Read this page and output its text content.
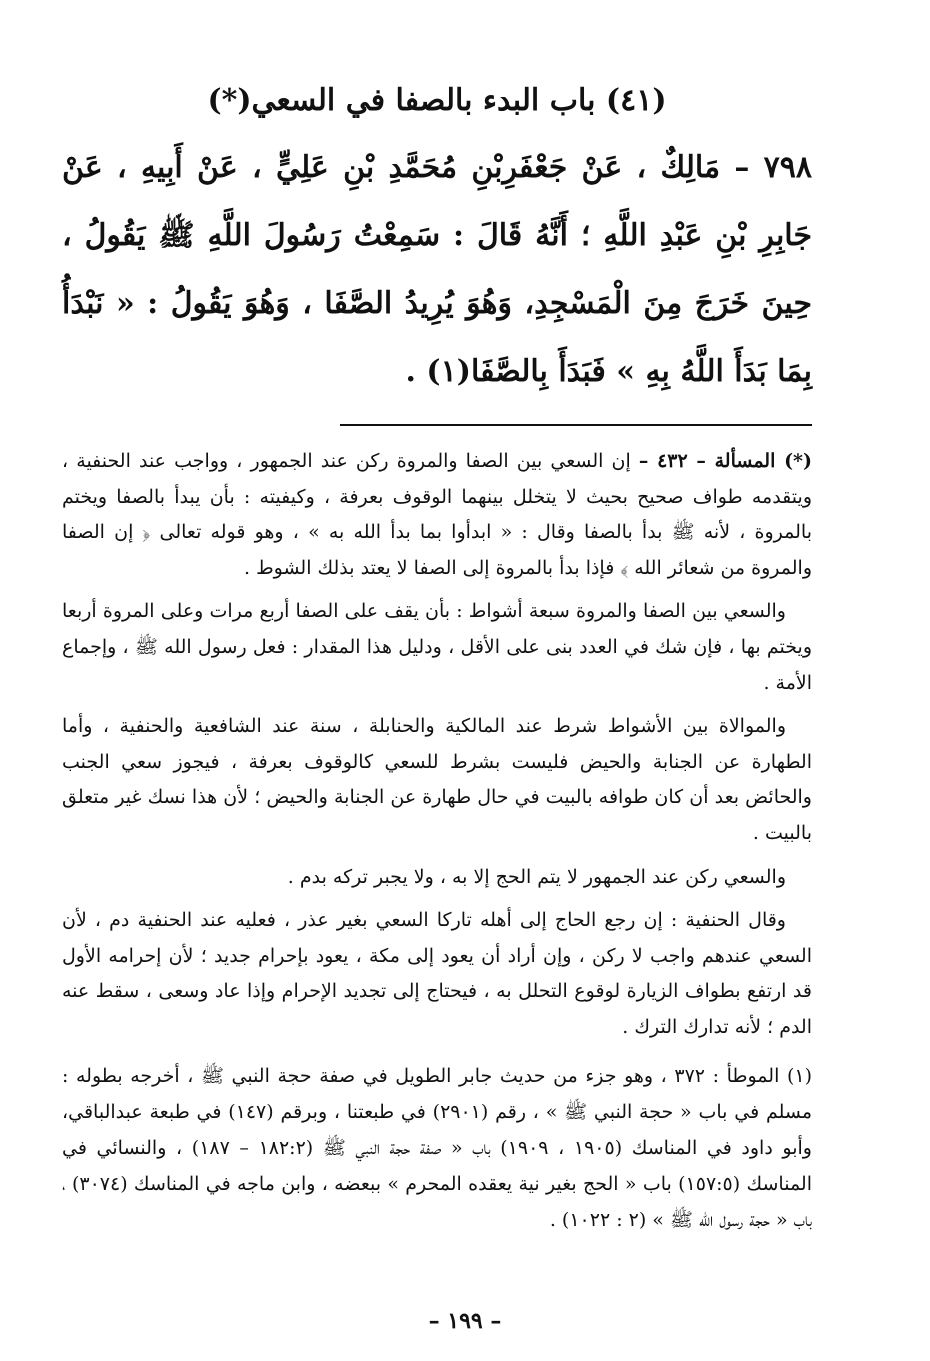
(٤١) باب البدء بالصفا في السعي(*)

٧٩٨ – مَالِكٌ ، عَنْ جَعْفَرِبْنِ مُحَمَّدِ بْنِ عَلِيٍّ ، عَنْ أَبِيهِ ، عَنْ جَابِرِ بْنِ عَبْدِ اللَّهِ ؛ أَنَّهُ قَالَ : سَمِعْتُ رَسُولَ اللَّهِ ﷺ يَقُولُ ، حِينَ خَرَجَ مِنَ الْمَسْجِدِ، وَهُوَ يُرِيدُ الصَّفَا ، وَهُوَ يَقُولُ : « نَبْدَأُ بِمَا بَدَأَ اللَّهُ بِهِ » فَبَدَأَ بِالصَّفَا(١) .

(*) المسألة – ٤٣٢ – إن السعي بين الصفا والمروة ركن عند الجمهور ، وواجب عند الحنفية ، ويتقدمه طواف صحيح بحيث لا يتخلل بينهما الوقوف بعرفة ، وكيفيته : بأن يبدأ بالصفا ويختم بالمروة ، لأنه ﷺ بدأ بالصفا وقال : « ابدأوا بما بدأ الله به » ، وهو قوله تعالى ﴿ إن الصفا والمروة من شعائر الله ﴾ فإذا بدأ بالمروة إلى الصفا لا يعتد بذلك الشوط .

والسعي بين الصفا والمروة سبعة أشواط : بأن يقف على الصفا أربع مرات وعلى المروة أربعا ويختم بها ، فإن شك في العدد بنى على الأقل ، ودليل هذا المقدار : فعل رسول الله ﷺ ، وإجماع الأمة .

والموالاة بين الأشواط شرط عند المالكية والحنابلة ، سنة عند الشافعية والحنفية ، وأما الطهارة عن الجنابة والحيض فليست بشرط للسعي كالوقوف بعرفة ، فيجوز سعي الجنب والحائض بعد أن كان طوافه بالبيت في حال طهارة عن الجنابة والحيض ؛ لأن هذا نسك غير متعلق بالبيت .

والسعي ركن عند الجمهور لا يتم الحج إلا به ، ولا يجبر تركه بدم .

وقال الحنفية : إن رجع الحاج إلى أهله تاركا السعي بغير عذر ، فعليه عند الحنفية دم ، لأن السعي عندهم واجب لا ركن ، وإن أراد أن يعود إلى مكة ، يعود بإحرام جديد ؛ لأن إحرامه الأول قد ارتفع بطواف الزيارة لوقوع التحلل به ، فيحتاج إلى تجديد الإحرام وإذا عاد وسعى ، سقط عنه الدم ؛ لأنه تدارك الترك .

(١) الموطأ : ٣٧٢ ، وهو جزء من حديث جابر الطويل في صفة حجة النبي ﷺ ، أخرجه بطوله : مسلم في باب « حجة النبي ﷺ » ، رقم (٢٩٠١) في طبعتنا ، وبرقم (١٤٧) في طبعة عبدالباقي، وأبو داود في المناسك (١٩٠٥ ، ١٩٠٩) باب « صفة حجة النبي ﷺ (١٨٢:٢ – ١٨٧) ، والنسائي في المناسك (١٥٧:٥) باب « الحج بغير نية يعقده المحرم » ببعضه ، وابن ماجه في المناسك (٣٠٧٤) ، باب « حجة رسول الله ﷺ » (٢ : ١٠٢٢) .

– ١٩٩ –
